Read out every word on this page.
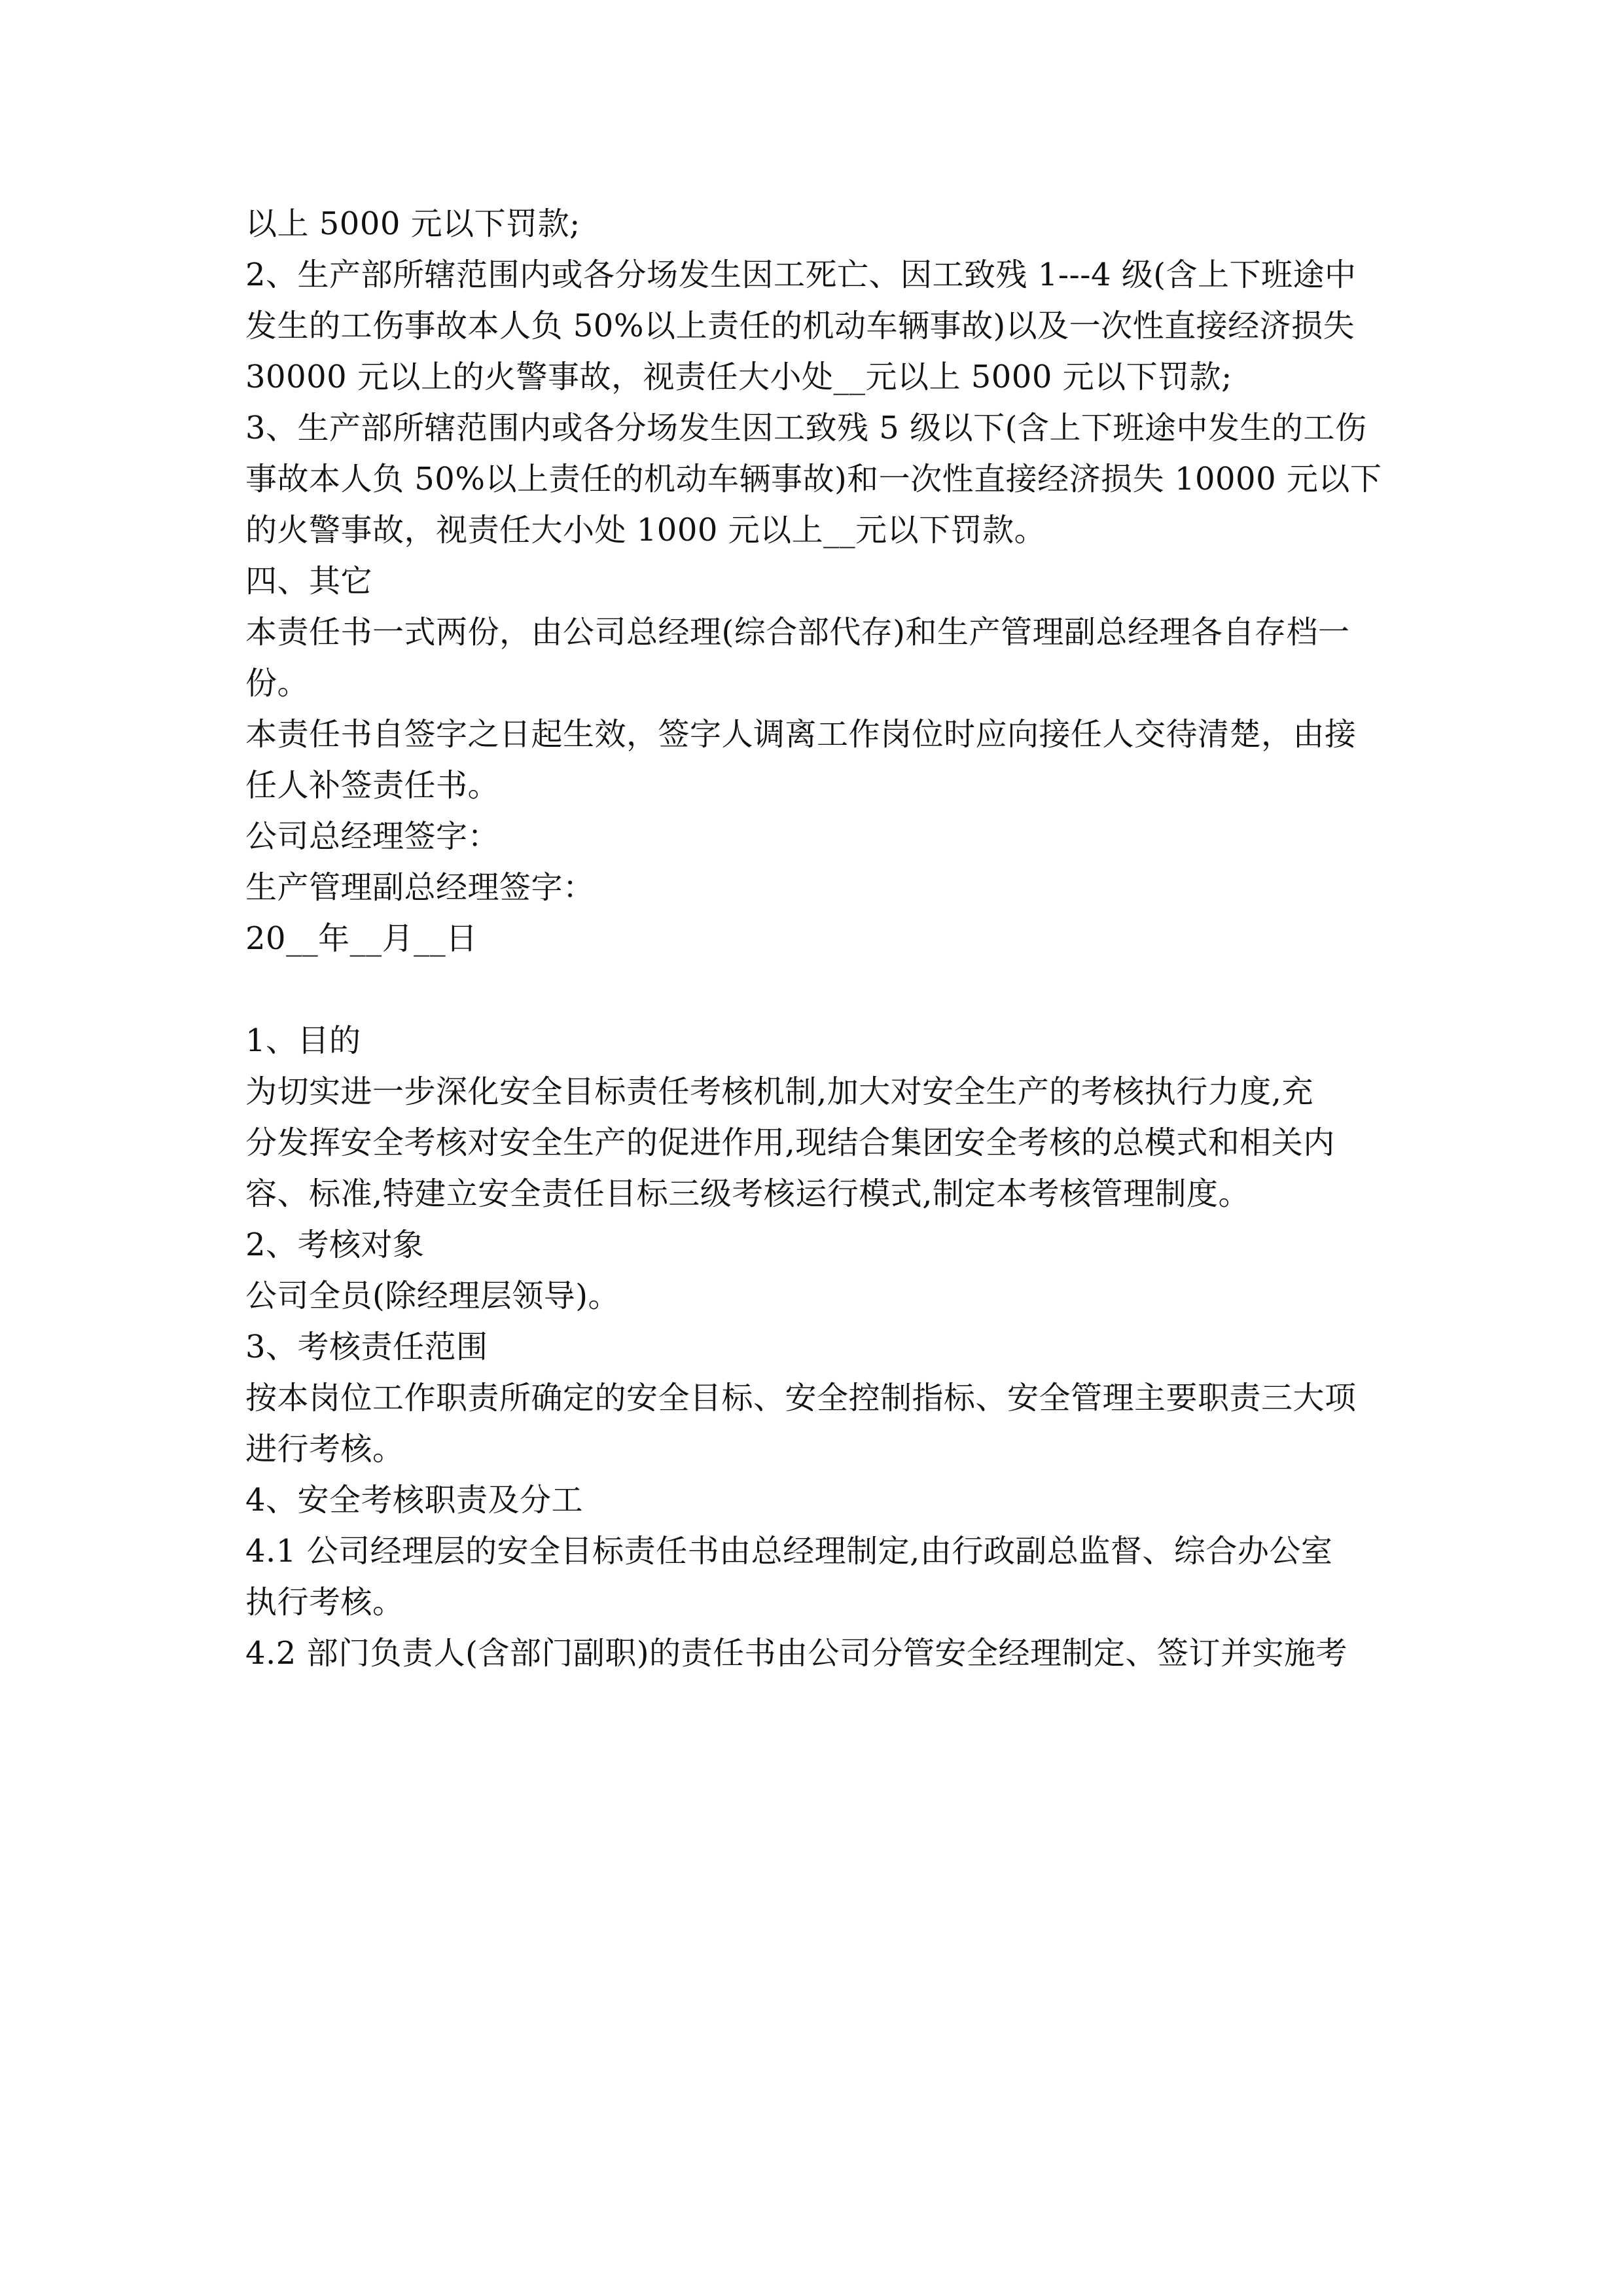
以上 5000 元以下罚款;
2、生产部所辖范围内或各分场发生因工死亡、因工致残 1---4 级(含上下班途中
发生的工伤事故本人负 50%以上责任的机动车辆事故)以及一次性直接经济损失
30000 元以上的火警事故，视责任大小处__元以上 5000 元以下罚款;
3、生产部所辖范围内或各分场发生因工致残 5 级以下(含上下班途中发生的工伤
事故本人负 50%以上责任的机动车辆事故)和一次性直接经济损失 10000 元以下
的火警事故，视责任大小处 1000 元以上__元以下罚款。
四、其它
本责任书一式两份，由公司总经理(综合部代存)和生产管理副总经理各自存档一
份。
本责任书自签字之日起生效，签字人调离工作岗位时应向接任人交待清楚，由接
任人补签责任书。
公司总经理签字：
生产管理副总经理签字：
20__年__月__日
1、目的
为切实进一步深化安全目标责任考核机制,加大对安全生产的考核执行力度,充
分发挥安全考核对安全生产的促进作用,现结合集团安全考核的总模式和相关内
容、标准,特建立安全责任目标三级考核运行模式,制定本考核管理制度。
2、考核对象
公司全员(除经理层领导)。
3、考核责任范围
按本岗位工作职责所确定的安全目标、安全控制指标、安全管理主要职责三大项
进行考核。
4、安全考核职责及分工
4.1 公司经理层的安全目标责任书由总经理制定,由行政副总监督、综合办公室
执行考核。
4.2 部门负责人(含部门副职)的责任书由公司分管安全经理制定、签订并实施考
